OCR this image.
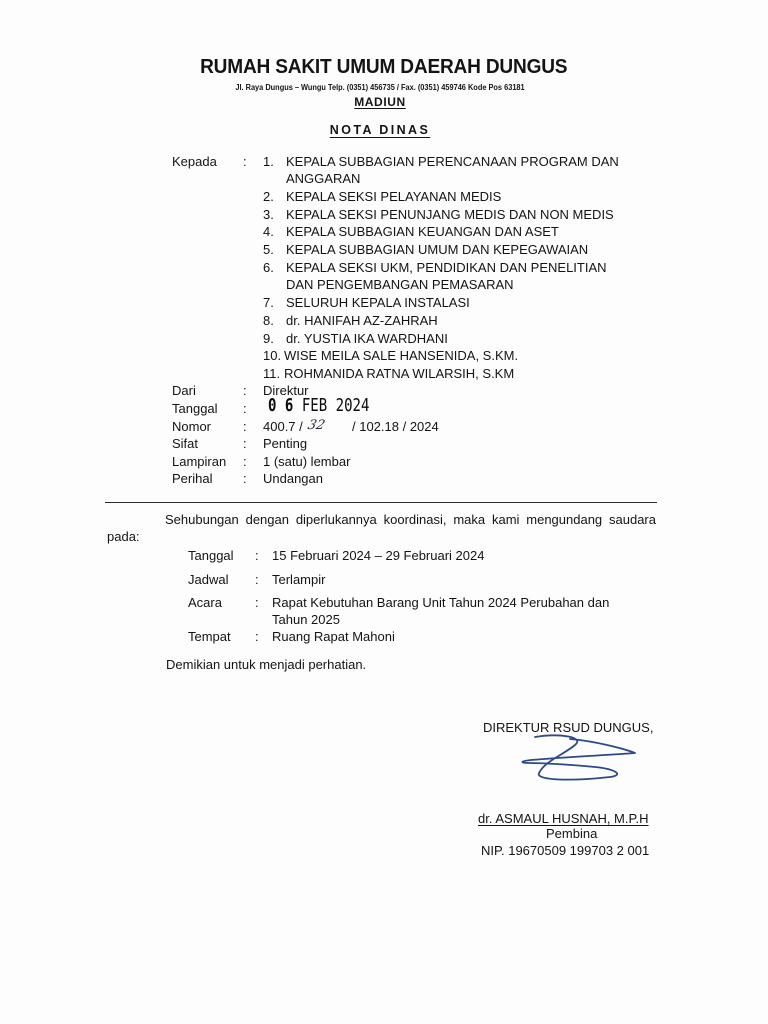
RUMAH SAKIT UMUM DAERAH DUNGUS
Jl. Raya Dungus – Wungu Telp. (0351) 456735 / Fax. (0351) 459746 Kode Pos 63181
MADIUN
NOTA DINAS
Kepada : 1. KEPALA SUBBAGIAN PERENCANAAN PROGRAM DAN
ANGGARAN
2. KEPALA SEKSI PELAYANAN MEDIS
3. KEPALA SEKSI PENUNJANG MEDIS DAN NON MEDIS
4. KEPALA SUBBAGIAN KEUANGAN DAN ASET
5. KEPALA SUBBAGIAN UMUM DAN KEPEGAWAIAN
6. KEPALA SEKSI UKM, PENDIDIKAN DAN PENELITIAN
DAN PENGEMBANGAN PEMASARAN
7. SELURUH KEPALA INSTALASI
8. dr. HANIFAH AZ-ZAHRAH
9. dr. YUSTIA IKA WARDHANI
10. WISE MEILA SALE HANSENIDA, S.KM.
11. ROHMANIDA RATNA WILARSIH, S.KM
Dari	: Direktur
Tanggal : 0 6 FEB 2024
Nomor : 400.7 / 32 / 102.18 / 2024
Sifat	: Penting
Lampiran : 1 (satu) lembar
Perihal : Undangan
Sehubungan dengan diperlukannya koordinasi, maka kami mengundang saudara pada:
Tanggal : 15 Februari 2024 – 29 Februari 2024
Jadwal : Terlampir
Acara	: Rapat Kebutuhan Barang Unit Tahun 2024 Perubahan dan
Tahun 2025
Tempat : Ruang Rapat Mahoni
Demikian untuk menjadi perhatian.
DIREKTUR RSUD DUNGUS,
dr. ASMAUL HUSNAH, M.P.H
Pembina
NIP. 19670509 199703 2 001
